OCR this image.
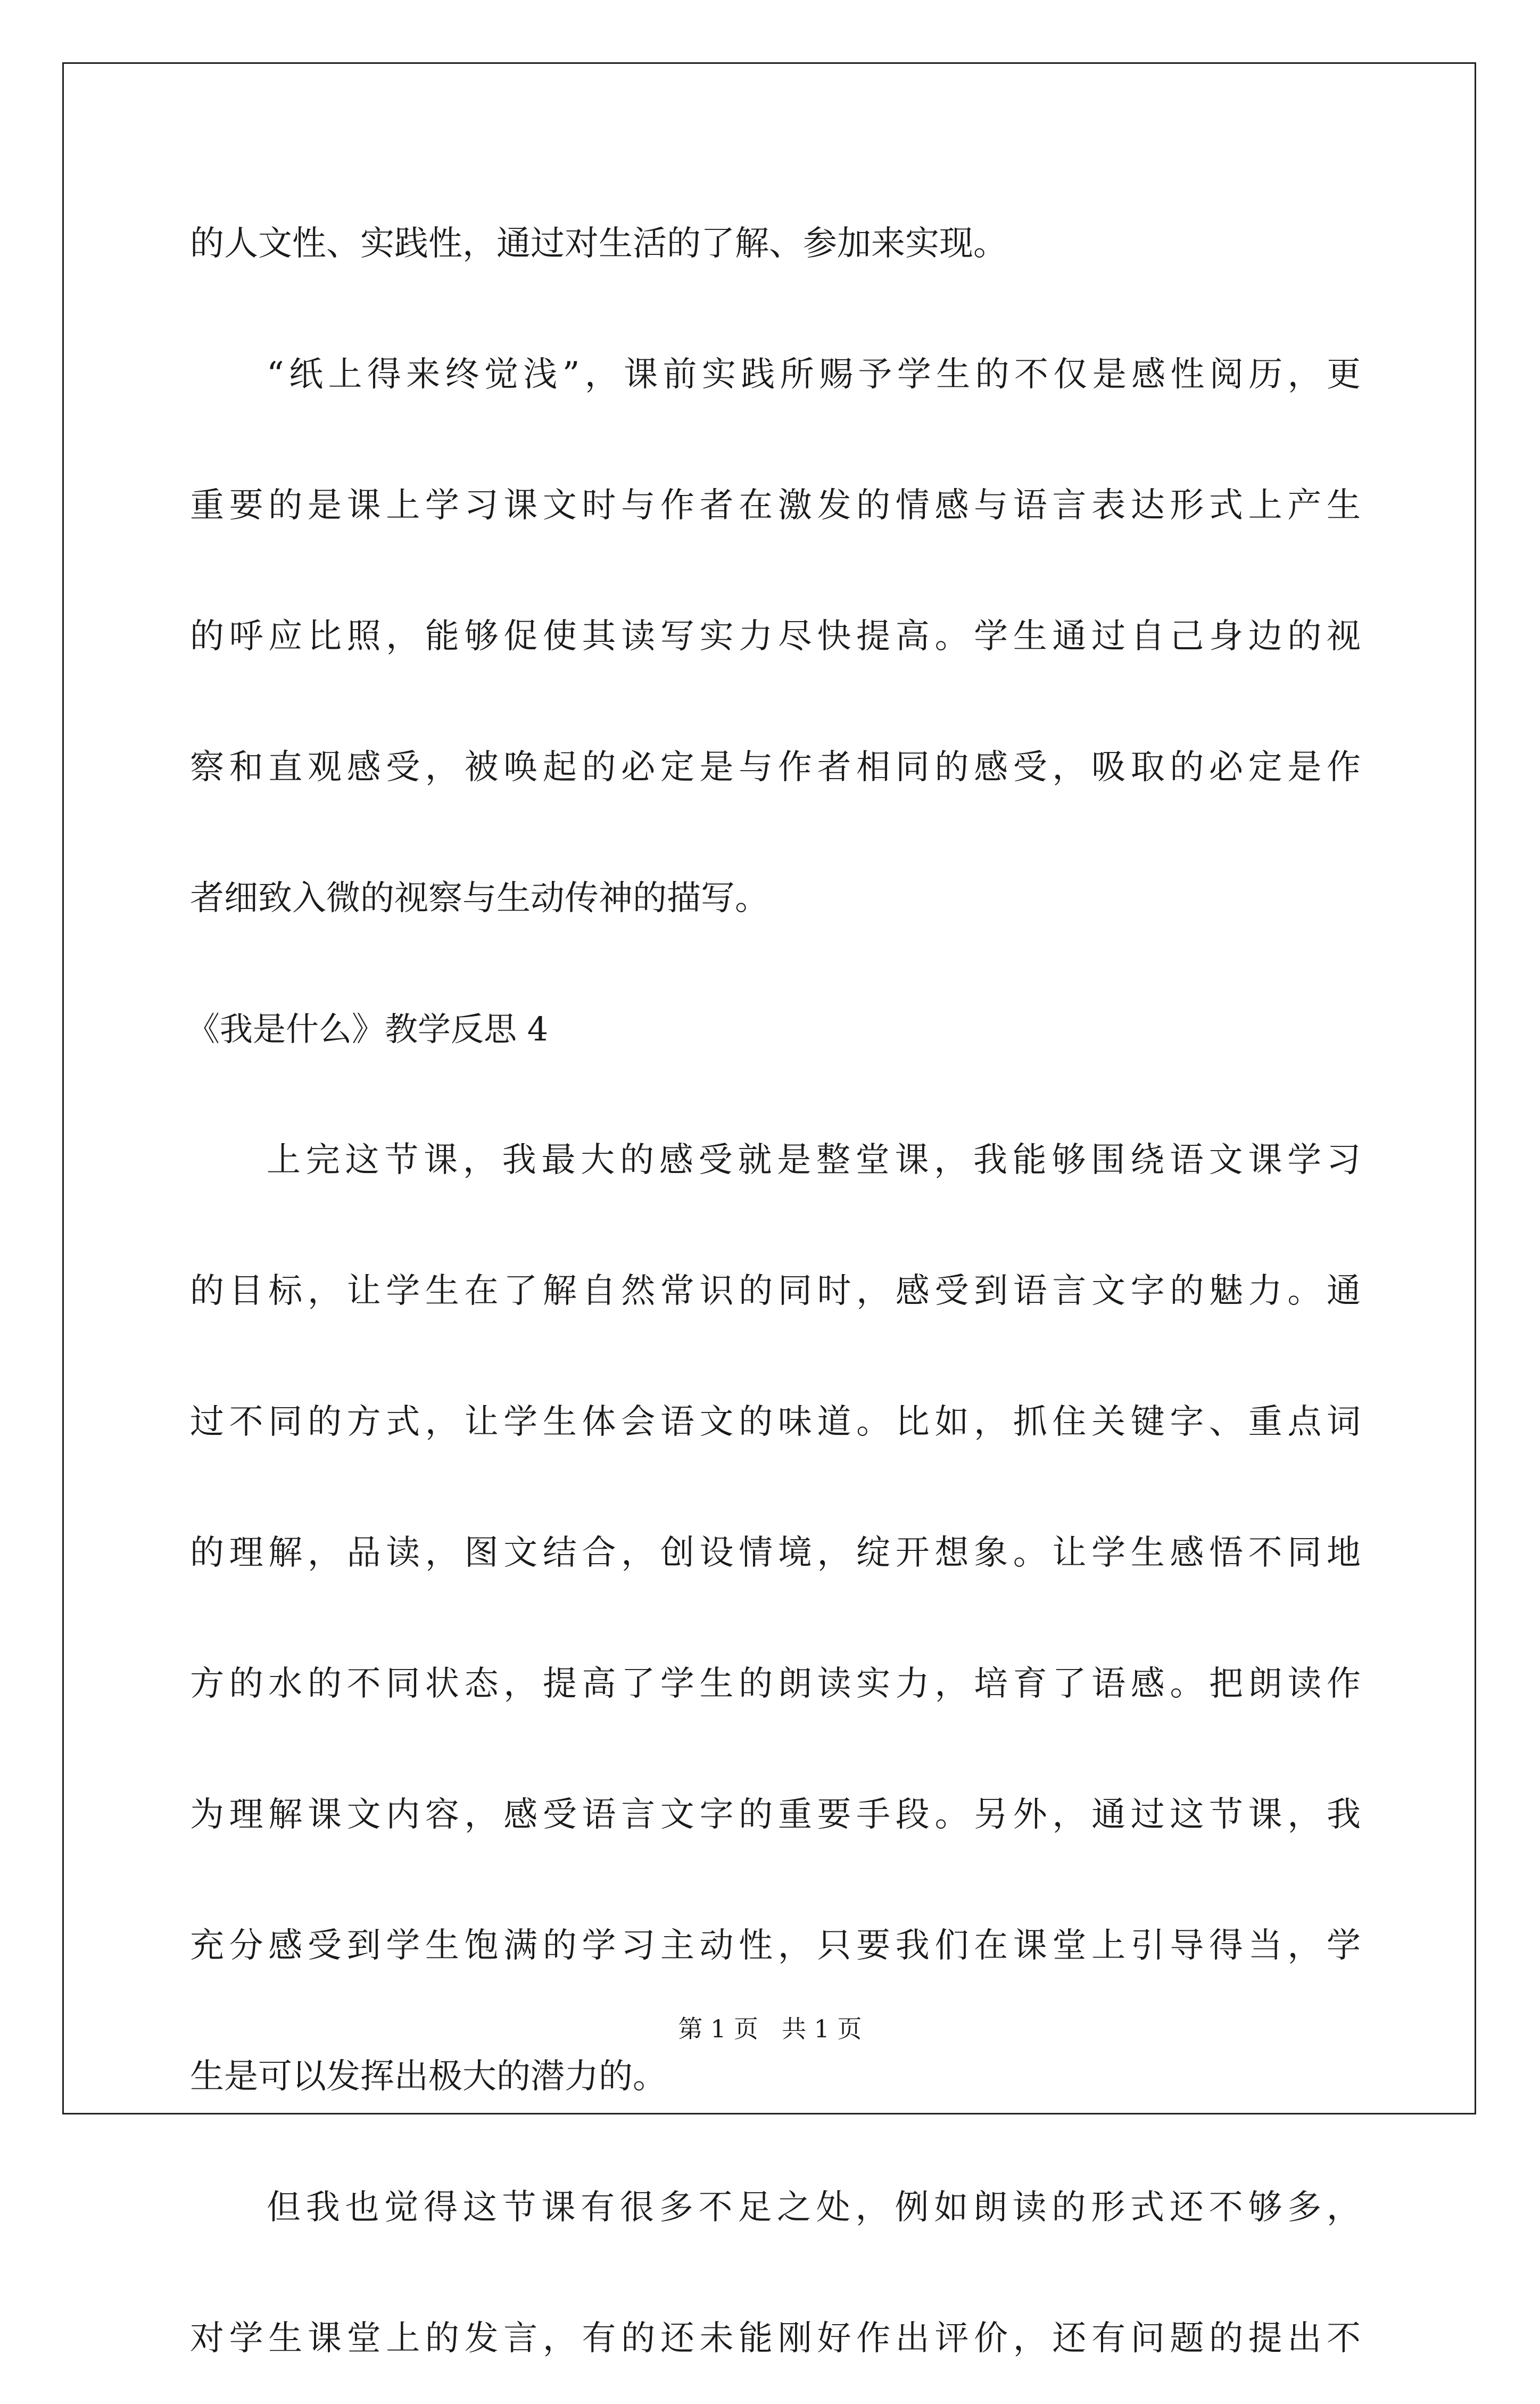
的人文性、实践性，通过对生活的了解、参加来实现。
“纸上得来终觉浅”，课前实践所赐予学生的不仅是感性阅历，更
重要的是课上学习课文时与作者在激发的情感与语言表达形式上产生
的呼应比照，能够促使其读写实力尽快提高。学生通过自己身边的视
察和直观感受，被唤起的必定是与作者相同的感受，吸取的必定是作
者细致入微的视察与生动传神的描写。
《我是什么》教学反思 4
上完这节课，我最大的感受就是整堂课，我能够围绕语文课学习
的目标，让学生在了解自然常识的同时，感受到语言文字的魅力。通
过不同的方式，让学生体会语文的味道。比如，抓住关键字、重点词
的理解，品读，图文结合，创设情境，绽开想象。让学生感悟不同地
方的水的不同状态，提高了学生的朗读实力，培育了语感。把朗读作
为理解课文内容，感受语言文字的重要手段。另外，通过这节课，我
充分感受到学生饱满的学习主动性，只要我们在课堂上引导得当，学
生是可以发挥出极大的潜力的。
但我也觉得这节课有很多不足之处，例如朗读的形式还不够多，
对学生课堂上的发言，有的还未能刚好作出评价，还有问题的提出不
第 1 页 共 1 页
